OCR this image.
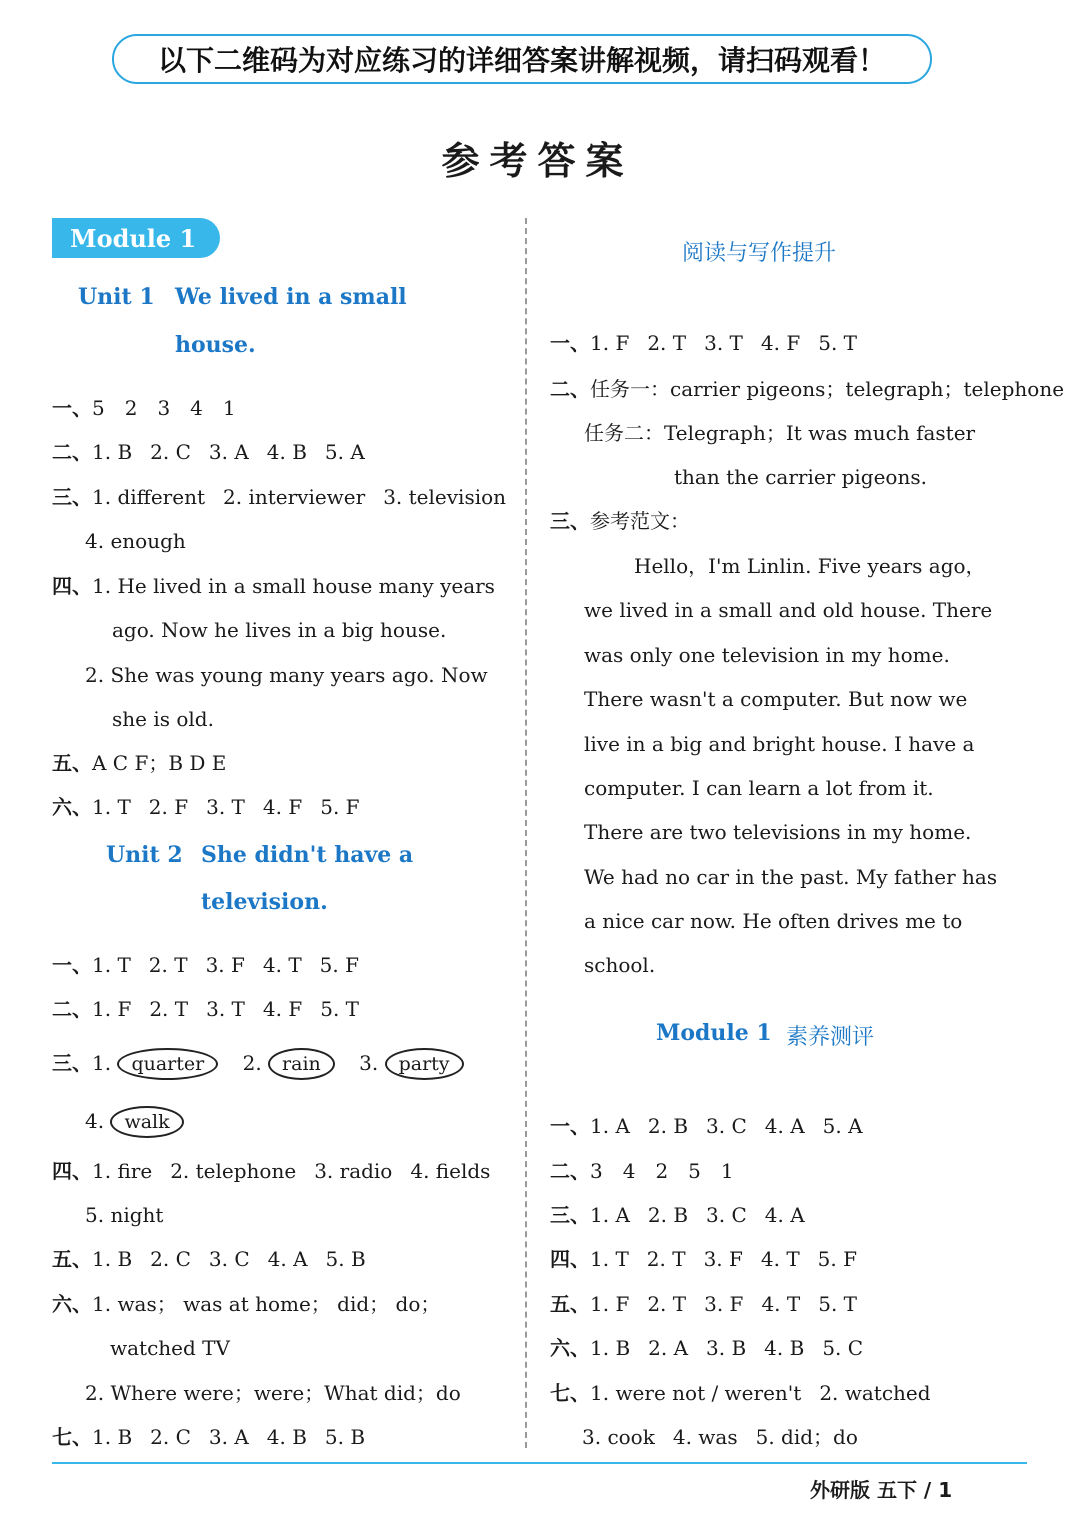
以下二维码为对应练习的详细答案讲解视频，请扫码观看！
参考答案
Module 1
Unit 1 We lived in a small
house.
一、5　2　3　4　1
二、1. B 2. C 3. A 4. B 5. A
三、1. different 2. interviewer 3. television
4. enough
四、1. He lived in a small house many years
ago. Now he lives in a big house.
2. She was young many years ago. Now
she is old.
五、A C F；B D E
六、1. T 2. F 3. T 4. F 5. F
Unit 2 She didn't have a
television.
一、1. T 2. T 3. F 4. T 5. F
二、1. F 2. T 3. T 4. F 5. T
三、1. quarter 2. rain 3. party
4. walk
四、1. fire 2. telephone 3. radio 4. fields
5. night
五、1. B 2. C 3. C 4. A 5. B
六、1. was； was at home； did； do；
watched TV
2. Where were；were；What did；do
七、1. B 2. C 3. A 4. B 5. B
阅读与写作提升
一、1. F 2. T 3. T 4. F 5. T
二、任务一：carrier pigeons；telegraph；telephone
任务二：Telegraph；It was much faster
than the carrier pigeons.
三、参考范文：
Hello，I'm Linlin. Five years ago，
we lived in a small and old house. There
was only one television in my home.
There wasn't a computer. But now we
live in a big and bright house. I have a
computer. I can learn a lot from it.
There are two televisions in my home.
We had no car in the past. My father has
a nice car now. He often drives me to
school.
Module 1 素养测评
一、1. A 2. B 3. C 4. A 5. A
二、3　4　2　5　1
三、1. A 2. B 3. C 4. A
四、1. T 2. T 3. F 4. T 5. F
五、1. F 2. T 3. F 4. T 5. T
六、1. B 2. A 3. B 4. B 5. C
七、1. were not / weren't 2. watched
3. cook 4. was 5. did；do
外研版 五下 / 1
